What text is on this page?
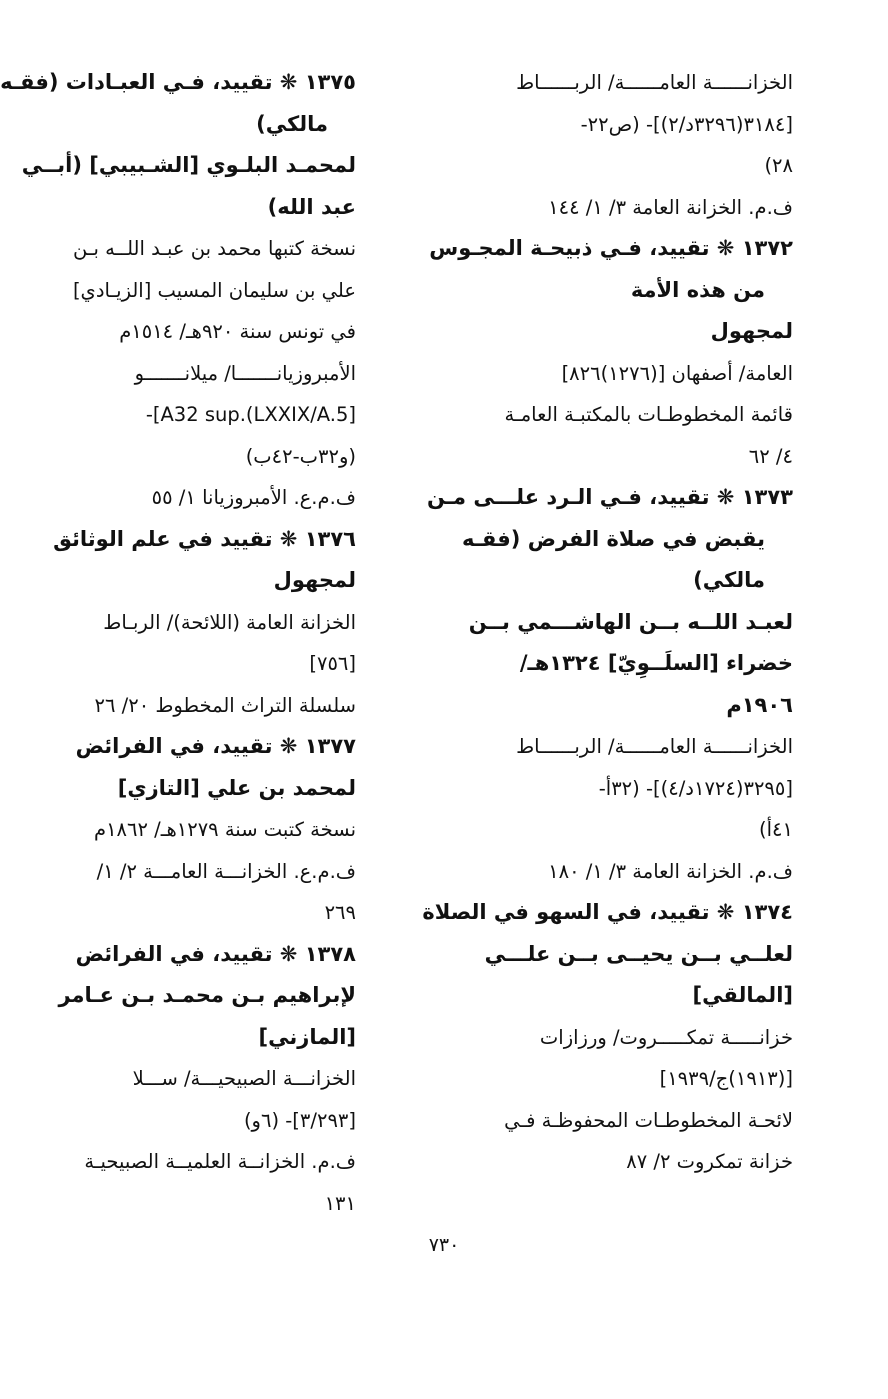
الخزانــــــة العامــــــة/ الربــــــاط
[٣١٨٤(٣٢٩٦د/٢)]- (ص٢٢-
٢٨)
ف.م. الخزانة العامة ٣/ ١/ ١٤٤
١٣٧٢ ❋ تقييد، فـي ذبيحـة المجـوس
من هذه الأمة
لمجهول
العامة/ أصفهان [(١٢٧٦)٨٢٦]
قائمة المخطوطـات بالمكتبـة العامـة
٤/ ٦٢
١٣٧٣ ❋ تقييد، فـي الـرد علـــى مـن
يقبض في صلاة الفرض (فقـه
مالكي)
لعبـد اللــه بــن الهاشـــمي بــن
خضراء [السلَــوِيّ] ١٣٢٤هـ/
١٩٠٦م
الخزانــــــة العامــــــة/ الربــــــاط
[٣٢٩٥(١٧٢٤د/٤)]- (٣٢أ-
٤١أ)
ف.م. الخزانة العامة ٣/ ١/ ١٨٠
١٣٧٤ ❋ تقييد، في السهو في الصلاة
لعلــي بــن يحيــى بــن علـــي
[المالقي]
خزانـــــة تمكـــــروت/ ورزازات
[(١٩١٣)ج/١٩٣٩]
لائحـة المخطوطـات المحفوظـة فـي
خزانة تمكروت ٢/ ٨٧
١٣٧٥ ❋ تقييد، فـي العبـادات (فقـه
مالكي)
لمحمـد البلـوي [الشـبيبي] (أبــي
عبد الله)
نسخة كتبها محمد بن عبـد اللــه بـن
علي بن سليمان المسيب [الزيـادي]
في تونس سنة ٩٢٠هـ/ ١٥١٤م
الأمبروزيانـــــــا/ ميلانـــــــو
[A32 sup.(LXXIX/A.5]-
(و٣٢ب-٤٢ب)
ف.م.ع. الأمبروزيانا ١/ ٥٥
١٣٧٦ ❋ تقييد في علم الوثائق
لمجهول
الخزانة العامة (اللائحة)/ الربـاط
[٧٥٦]
سلسلة التراث المخطوط ٢٠/ ٢٦
١٣٧٧ ❋ تقييد، في الفرائض
لمحمد بن علي [التازي]
نسخة كتبت سنة ١٢٧٩هـ/ ١٨٦٢م
ف.م.ع. الخزانـــة العامـــة ٢/ ١/
٢٦٩
١٣٧٨ ❋ تقييد، في الفرائض
لإبراهيم بـن محمـد بـن عـامر
[المازني]
الخزانـــة الصبيحيـــة/ ســـلا
[٣/٢٩٣]- (٦و)
ف.م. الخزانــة العلميــة الصبيحيـة
١٣١
٧٣٠
